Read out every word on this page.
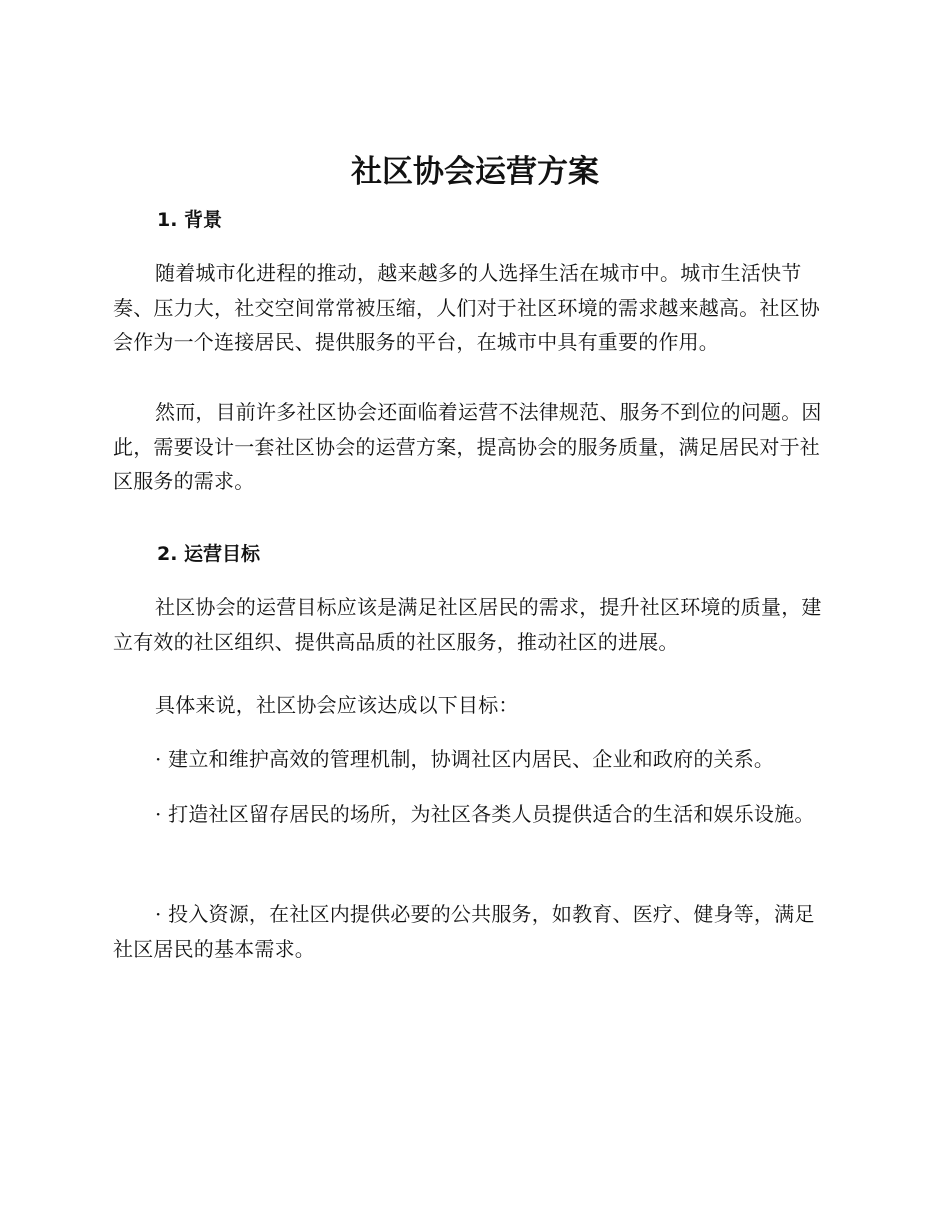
社区协会运营方案
1. 背景

随着城市化进程的推动，越来越多的人选择生活在城市中。城市生活快节奏、压力大，社交空间常常被压缩，人们对于社区环境的需求越来越高。社区协会作为一个连接居民、提供服务的平台，在城市中具有重要的作用。

然而，目前许多社区协会还面临着运营不法律规范、服务不到位的问题。因此，需要设计一套社区协会的运营方案，提高协会的服务质量，满足居民对于社区服务的需求。

2. 运营目标

社区协会的运营目标应该是满足社区居民的需求，提升社区环境的质量，建立有效的社区组织、提供高品质的社区服务，推动社区的进展。

具体来说，社区协会应该达成以下目标：

· 建立和维护高效的管理机制，协调社区内居民、企业和政府的关系。

· 打造社区留存居民的场所，为社区各类人员提供适合的生活和娱乐设施。

· 投入资源，在社区内提供必要的公共服务，如教育、医疗、健身等，满足社区居民的基本需求。
